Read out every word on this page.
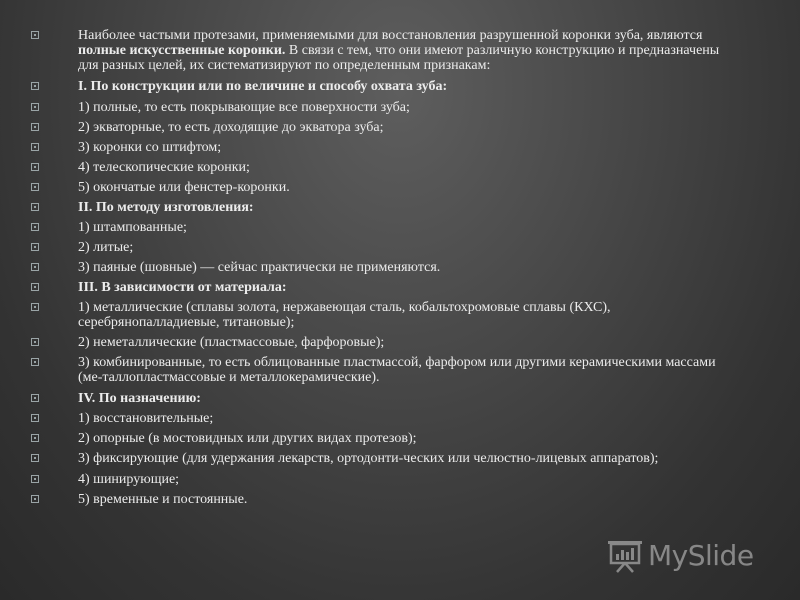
Наиболее частыми протезами, применяемыми для восстановления разрушенной коронки зуба, являются полные искусственные коронки. В связи с тем, что они имеют различную конструкцию и предназначены для разных целей, их систематизируют по определенным признакам:
I. По конструкции или по величине и способу охвата зуба:
1) полные, то есть покрывающие все поверхности зуба;
2) экваторные, то есть доходящие до экватора зуба;
3) коронки со штифтом;
4) телескопические коронки;
5) окончатые или фенстер-коронки.
II. По методу изготовления:
1) штампованные;
2) литые;
3) паяные (шовные) — сейчас практически не применяются.
III. В зависимости от материала:
1) металлические (сплавы золота, нержавеющая сталь, кобальтохромовые сплавы (КХС), серебрянопалладиевые, титановые);
2) неметаллические (пластмассовые, фарфоровые);
3) комбинированные, то есть облицованные пластмассой, фарфором или другими керамическими массами (ме-таллопластмассовые и металлокерамические).
IV. По назначению:
1) восстановительные;
2) опорные (в мостовидных или других видах протезов);
3) фиксирующие (для удержания лекарств, ортодонти-ческих или челюстно-лицевых аппаратов);
4) шинирующие;
5) временные и постоянные.
MySlide
